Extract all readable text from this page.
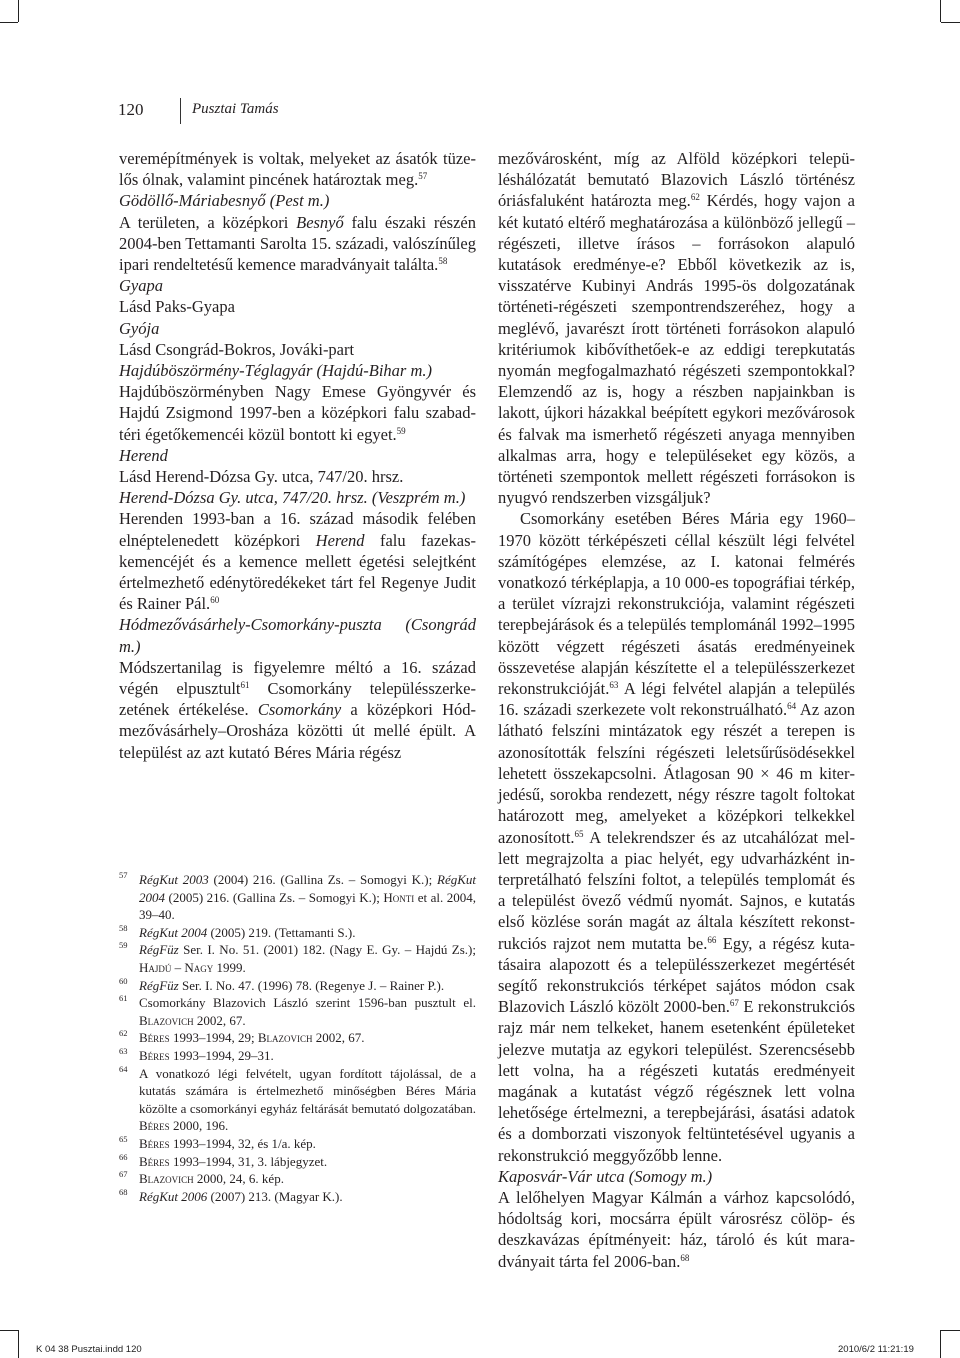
120	Pusztai Tamás

veremépítmények is voltak, melyeket az ásatók tüzelős ólnak, valamint pincének határoztak meg.$^{57}$

Gödöllő-Máriabesnyő (Pest m.)

A területen, a középkori Besnyő falu északi részén 2004-ben Tettamanti Sarolta 15. századi, valószínűleg ipari rendeltetésű kemence maradványait találta.$^{58}$

Gyapa

Lásd Paks-Gyapa

Gyója

Lásd Csongrád-Bokros, Jováki-part

Hajdúböszörmény-Téglagyár (Hajdú-Bihar m.)

Hajdúböszörményben Nagy Emese Gyöngyvér és Hajdú Zsigmond 1997-ben a középkori falu szabadtéri égetőkemencéi közül bontott ki egyet.$^{59}$

Herend

Lásd Herend-Dózsa Gy. utca, 747/20. hrsz.

Herend-Dózsa Gy. utca, 747/20. hrsz. (Veszprém m.)

Herenden 1993-ban a 16. század második felében elnéptelenedett középkori Herend falu fazekaskemencéjét és a kemence mellett égetési selejtként értelmezhető edénytöredékeket tárt fel Regenye Judit és Rainer Pál.$^{60}$

Hódmezővásárhely-Csomorkány-puszta (Csongrád m.)

Módszertanilag is figyelemre méltó a 16. század végén elpusztult$^{61}$ Csomorkány településszerkezetének értékelése. Csomorkány a középkori Hódmezővásárhely–Orosháza közötti út mellé épült. A települést az azt kutató Béres Mária régész

57 RégKut 2003 (2004) 216. (Gallina Zs. – Somogyi K.); RégKut 2004 (2005) 216. (Gallina Zs. – Somogyi K.); Honti et al. 2004, 39–40.

58 RégKut 2004 (2005) 219. (Tettamanti S.).

59 RégFüz Ser. I. No. 51. (2001) 182. (Nagy E. Gy. – Hajdú Zs.); Hajdú – Nagy 1999.

60 RégFüz Ser. I. No. 47. (1996) 78. (Regenye J. – Rainer P.).

61 Csomorkány Blazovich László szerint 1596-ban pusztult el. Blazovich 2002, 67.

62 Béres 1993–1994, 29; Blazovich 2002, 67.

63 Béres 1993–1994, 29–31.

64 A vonatkozó légi felvételt, ugyan fordított tájolással, de a kutatás számára is értelmezhető minőségben Béres Mária közölte a csomorkányi egyház feltárását bemutató dolgozatában. Béres 2000, 196.

65 Béres 1993–1994, 32, és 1/a. kép.

66 Béres 1993–1994, 31, 3. lábjegyzet.

67 Blazovich 2000, 24, 6. kép.

68 RégKut 2006 (2007) 213. (Magyar K.).

mezővárosként, míg az Alföld középkori településhálózatát bemutató Blazovich László történész óriásfaluként határozta meg.$^{62}$ Kérdés, hogy vajon a két kutató eltérő meghatározása a különböző jellegű – régészeti, illetve írásos – forrásokon alapuló kutatások eredménye-e? Ebből következik az is, visszatérve Kubinyi András 1995-ös dolgozatának történeti-régészeti szempontrendszeréhez, hogy a meglévő, javarészt írott történeti forrásokon alapuló kritériumok kibővíthetőek-e az eddigi terepkutatás nyomán megfogalmazható régészeti szempontokkal? Elemzendő az is, hogy a részben napjainkban is lakott, újkori házakkal beépített egykori mezővárosok és falvak ma ismerhető régészeti anyaga mennyiben alkalmas arra, hogy e településeket egy közös, a történeti szempontok mellett régészeti forrásokon is nyugvó rendszerben vizsgáljuk?

Csomorkány esetében Béres Mária egy 1960–1970 között térképészeti céllal készült légi felvétel számítógépes elemzése, az I. katonai felmérés vonatkozó térképlapja, a 10 000-es topográfiai térkép, a terület vízrajzi rekonstrukciója, valamint régészeti terepbejárások és a település templománál 1992–1995 között végzett régészeti ásatás eredményeinek összevetése alapján készítette el a településszerkezet rekonstrukcióját.$^{63}$ A légi felvétel alapján a település 16. századi szerkezete volt rekonstruálható.$^{64}$ Az azon látható felszíni mintázatok egy részét a terepen is azonosították felszíni régészeti leletsűrűsödésekkel lehetett összekapcsolni. Átlagosan 90 × 46 m kiterjedésű, sorokba rendezett, négy részre tagolt foltokat határozott meg, amelyeket a középkori telkekkel azonosított.$^{65}$ A telekrendszer és az utcahálózat mellett megrajzolta a piac helyét, egy udvarházként interpretálható felszíni foltot, a település templomát és a települést övező védmű nyomát. Sajnos, e kutatás első közlése során magát az általa készített rekonstrukciós rajzot nem mutatta be.$^{66}$ Egy, a régész kutatásaira alapozott és a településszerkezet megértését segítő rekonstrukciós térképet sajátos módon csak Blazovich László közölt 2000-ben.$^{67}$ E rekonstrukciós rajz már nem telkeket, hanem esetenként épületeket jelezve mutatja az egykori települést. Szerencsésebb lett volna, ha a régészeti kutatás eredményeit magának a kutatást végző régésznek lett volna lehetősége értelmezni, a terepbejárási, ásatási adatok és a domborzati viszonyok feltüntetésével ugyanis a rekonstrukció meggyőzőbb lenne.

Kaposvár-Vár utca (Somogy m.)

A lelőhelyen Magyar Kálmán a várhoz kapcsolódó, hódoltság kori, mocsárra épült városrész cölöp- és deszkavázas építményeit: ház, tároló és kút maradványait tárta fel 2006-ban.$^{68}$

K 04 38 Pusztai.indd 120	2010/6/2 11:21:19
